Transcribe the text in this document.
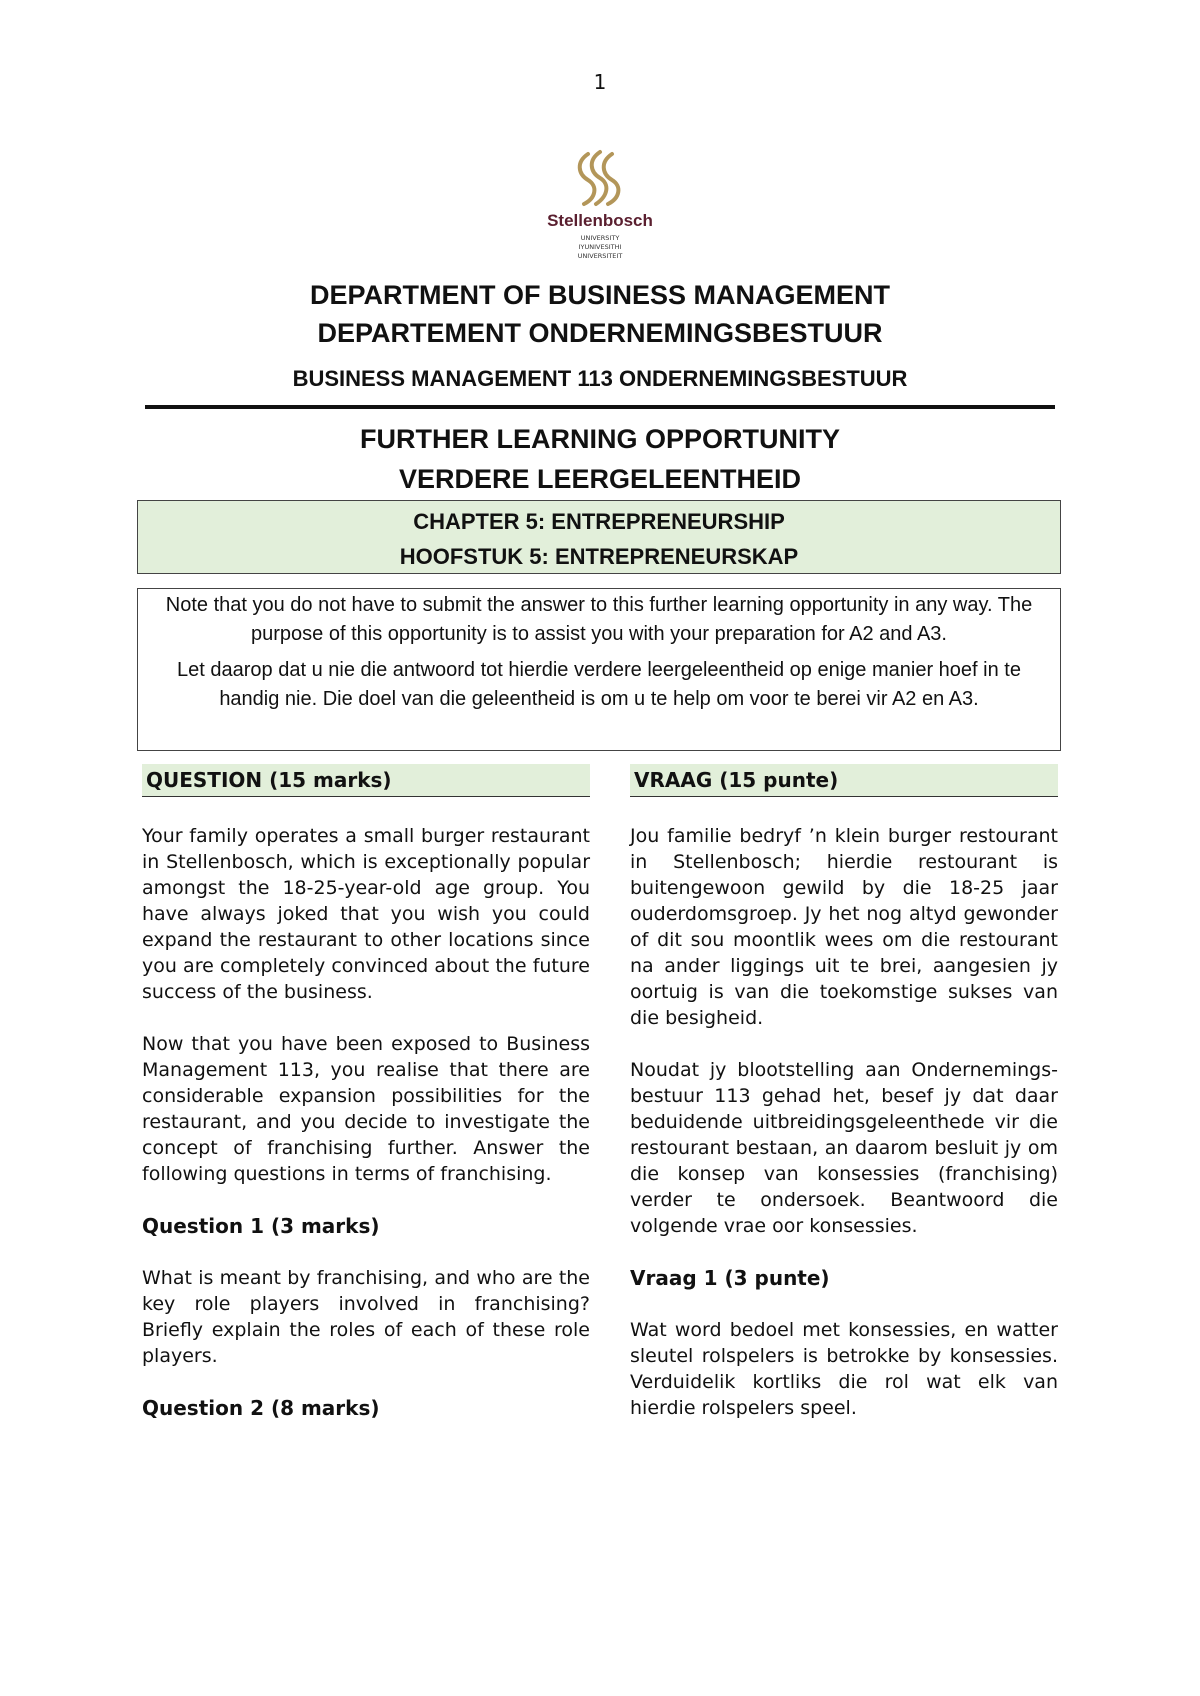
1
Stellenbosch
UNIVERSITY
IYUNIVESITHI
UNIVERSITEIT
DEPARTMENT OF BUSINESS MANAGEMENT
DEPARTEMENT ONDERNEMINGSBESTUUR
BUSINESS MANAGEMENT 113 ONDERNEMINGSBESTUUR
FURTHER LEARNING OPPORTUNITY
VERDERE LEERGELEENTHEID
CHAPTER 5: ENTREPRENEURSHIP
HOOFSTUK 5: ENTREPRENEURSKAP

Note that you do not have to submit the answer to this further learning opportunity in any way. The purpose of this opportunity is to assist you with your preparation for A2 and A3.

Let daarop dat u nie die antwoord tot hierdie verdere leergeleentheid op enige manier hoef in te handig nie. Die doel van die geleentheid is om u te help om voor te berei vir A2 en A3.

QUESTION (15 marks)

Your family operates a small burger restaurant in Stellenbosch, which is exceptionally popular amongst the 18-25-year-old age group. You have always joked that you wish you could expand the restaurant to other locations since you are completely convinced about the future success of the business.

Now that you have been exposed to Business Management 113, you realise that there are considerable expansion possibilities for the restaurant, and you decide to investigate the concept of franchising further. Answer the following questions in terms of franchising.

Question 1 (3 marks)

What is meant by franchising, and who are the key role players involved in franchising? Briefly explain the roles of each of these role players.

Question 2 (8 marks)
VRAAG (15 punte)

Jou familie bedryf ’n klein burger restourant in Stellenbosch; hierdie restourant is buitengewoon gewild by die 18-25 jaar ouderdomsgroep. Jy het nog altyd gewonder of dit sou moontlik wees om die restourant na ander liggings uit te brei, aangesien jy oortuig is van die toekomstige sukses van die besigheid.

Noudat jy blootstelling aan Ondernemings-bestuur 113 gehad het, besef jy dat daar beduidende uitbreidingsgeleenthede vir die restourant bestaan, an daarom besluit jy om die konsep van konsessies (franchising) verder te ondersoek. Beantwoord die volgende vrae oor konsessies.

Vraag 1 (3 punte)

Wat word bedoel met konsessies, en watter sleutel rolspelers is betrokke by konsessies. Verduidelik kortliks die rol wat elk van hierdie rolspelers speel.
